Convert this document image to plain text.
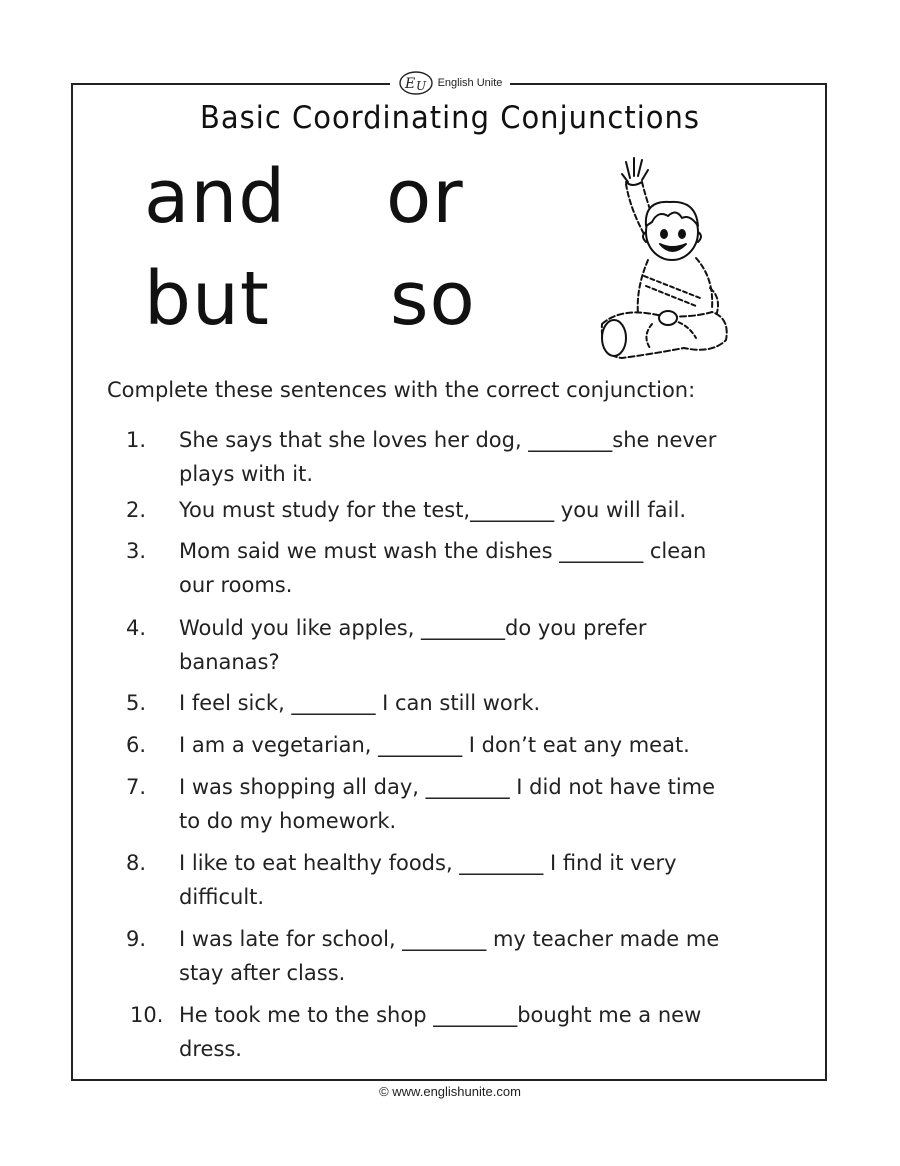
E U English Unite
Basic Coordinating Conjunctions
and or
but so
Complete these sentences with the correct conjunction:
1.	She says that she loves her dog, ________she never
plays with it.
2.	You must study for the test,________ you will fail.
3.	Mom said we must wash the dishes ________ clean
our rooms.
4.	Would you like apples, ________do you prefer
bananas?
5.	I feel sick, ________ I can still work.
6.	I am a vegetarian, ________ I don’t eat any meat.
7.	I was shopping all day, ________ I did not have time
to do my homework.
8.	I like to eat healthy foods, ________ I find it very
difficult.
9.	I was late for school, ________ my teacher made me
stay after class.
10. He took me to the shop ________bought me a new
dress.
© www.englishunite.com
